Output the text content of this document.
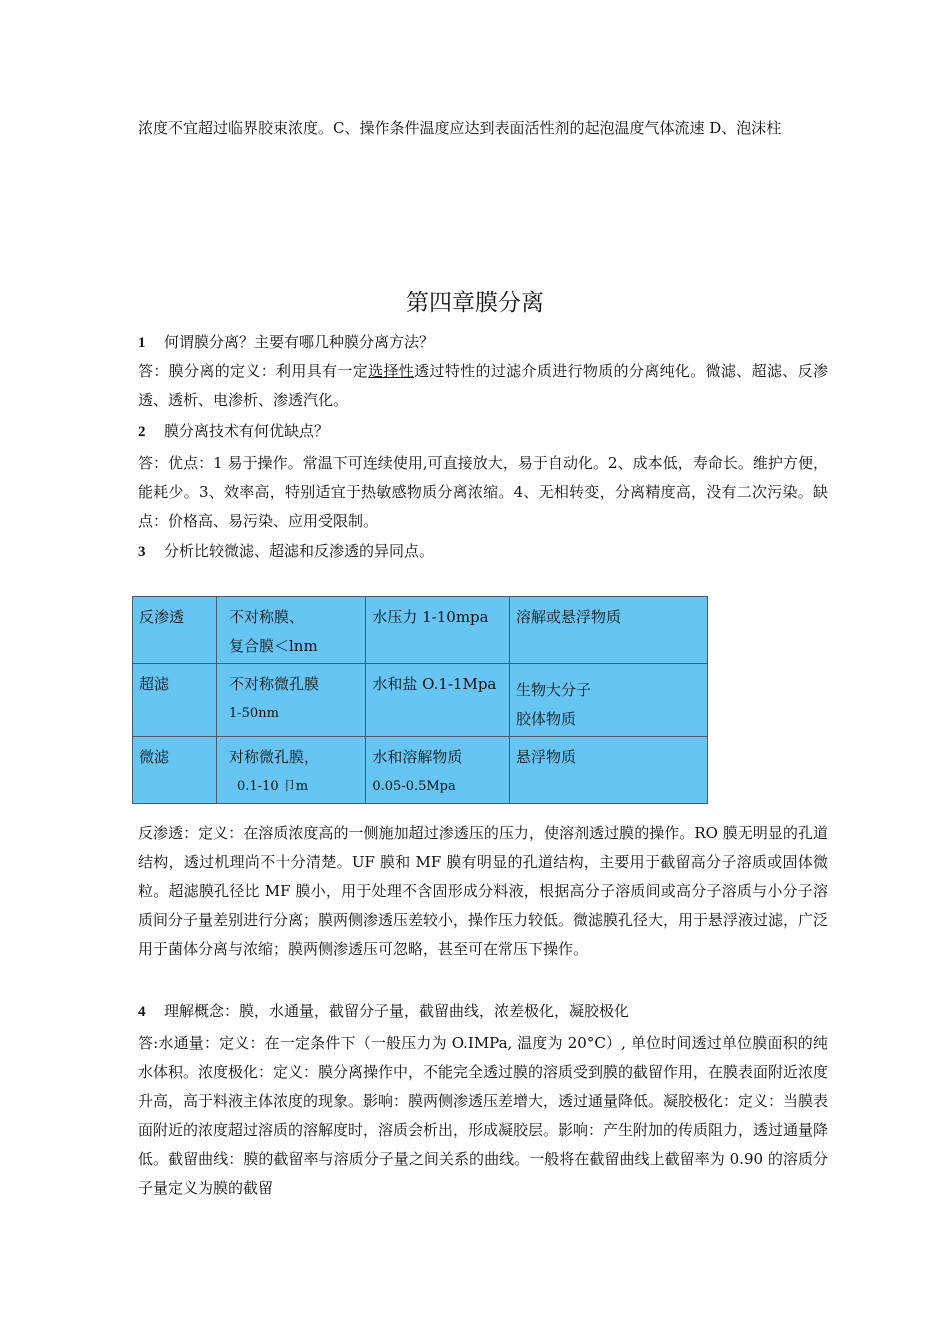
浓度不宜超过临界胶束浓度。C、操作条件温度应达到表面活性剂的起泡温度气体流速 D、泡沫柱

第四章膜分离

1 何谓膜分离？主要有哪几种膜分离方法？

答：膜分离的定义：利用具有一定选择性透过特性的过滤介质进行物质的分离纯化。微滤、超滤、反渗透、透析、电渗析、渗透汽化。

2 膜分离技术有何优缺点？

答：优点：1 易于操作。常温下可连续使用,可直接放大，易于自动化。2、成本低，寿命长。维护方便，能耗少。3、效率高，特别适宜于热敏感物质分离浓缩。4、无相转变，分离精度高，没有二次污染。缺点：价格高、易污染、应用受限制。

3 分析比较微滤、超滤和反渗透的异同点。

反渗透	不对称膜、
复合膜＜lnm	水压力 1-10mpa	溶解或悬浮物质

超滤	不对称微孔膜
1-50nm	水和盐 O.1-1Mpa	生物大分子
胶体物质

微滤	对称微孔膜，
0.1-10 卩m	水和溶解物质
0.05-0.5Mpa	悬浮物质

反渗透：定义：在溶质浓度高的一侧施加超过渗透压的压力，使溶剂透过膜的操作。RO 膜无明显的孔道结构，透过机理尚不十分清楚。UF 膜和 MF 膜有明显的孔道结构，主要用于截留高分子溶质或固体微粒。超滤膜孔径比 MF 膜小，用于处理不含固形成分料液，根据高分子溶质间或高分子溶质与小分子溶质间分子量差别进行分离；膜两侧渗透压差较小，操作压力较低。微滤膜孔径大，用于悬浮液过滤，广泛用于菌体分离与浓缩；膜两侧渗透压可忽略，甚至可在常压下操作。

4 理解概念：膜，水通量，截留分子量，截留曲线，浓差极化，凝胶极化

答:水通量：定义：在一定条件下（一般压力为 O.IMPa, 温度为 20°C）, 单位时间透过单位膜面积的纯水体积。浓度极化：定义：膜分离操作中，不能完全透过膜的溶质受到膜的截留作用，在膜表面附近浓度升高，高于料液主体浓度的现象。影响：膜两侧渗透压差增大，透过通量降低。凝胶极化：定义：当膜表面附近的浓度超过溶质的溶解度时，溶质会析出，形成凝胶层。影响：产生附加的传质阻力，透过通量降低。截留曲线：膜的截留率与溶质分子量之间关系的曲线。一般将在截留曲线上截留率为 0.90 的溶质分子量定义为膜的截留
